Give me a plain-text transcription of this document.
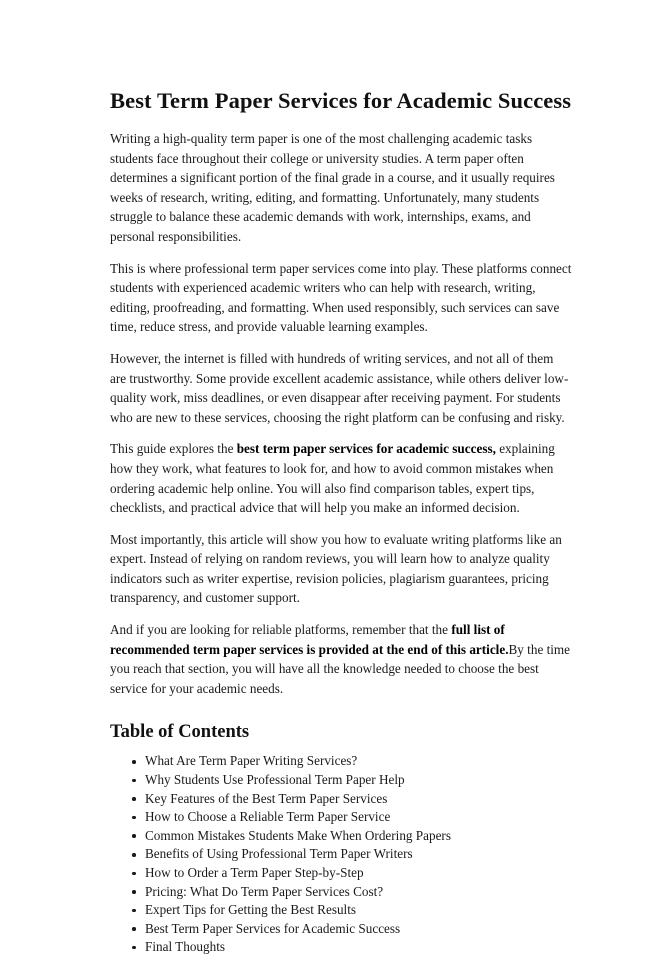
Best Term Paper Services for Academic Success

Writing a high-quality term paper is one of the most challenging academic tasks students face throughout their college or university studies. A term paper often determines a significant portion of the final grade in a course, and it usually requires weeks of research, writing, editing, and formatting. Unfortunately, many students struggle to balance these academic demands with work, internships, exams, and personal responsibilities.

This is where professional term paper services come into play. These platforms connect students with experienced academic writers who can help with research, writing, editing, proofreading, and formatting. When used responsibly, such services can save time, reduce stress, and provide valuable learning examples.

However, the internet is filled with hundreds of writing services, and not all of them are trustworthy. Some provide excellent academic assistance, while others deliver low-quality work, miss deadlines, or even disappear after receiving payment. For students who are new to these services, choosing the right platform can be confusing and risky.

This guide explores the best term paper services for academic success, explaining how they work, what features to look for, and how to avoid common mistakes when ordering academic help online. You will also find comparison tables, expert tips, checklists, and practical advice that will help you make an informed decision.

Most importantly, this article will show you how to evaluate writing platforms like an expert. Instead of relying on random reviews, you will learn how to analyze quality indicators such as writer expertise, revision policies, plagiarism guarantees, pricing transparency, and customer support.

And if you are looking for reliable platforms, remember that the full list of recommended term paper services is provided at the end of this article.By the time you reach that section, you will have all the knowledge needed to choose the best service for your academic needs.

Table of Contents
What Are Term Paper Writing Services?
Why Students Use Professional Term Paper Help
Key Features of the Best Term Paper Services
How to Choose a Reliable Term Paper Service
Common Mistakes Students Make When Ordering Papers
Benefits of Using Professional Term Paper Writers
How to Order a Term Paper Step-by-Step
Pricing: What Do Term Paper Services Cost?
Expert Tips for Getting the Best Results
Best Term Paper Services for Academic Success
Final Thoughts
